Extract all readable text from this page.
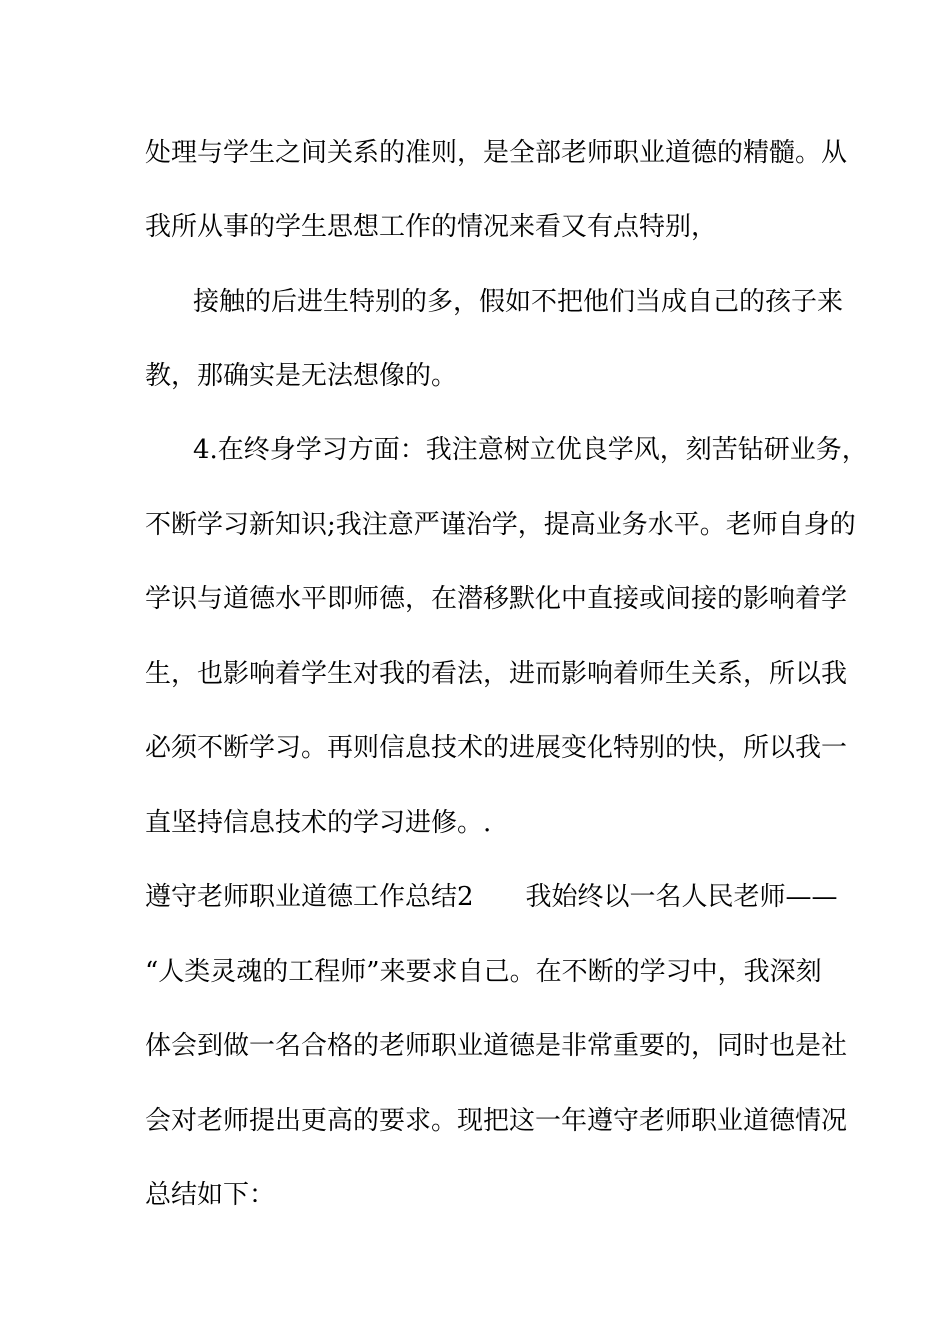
处理与学生之间关系的准则，是全部老师职业道德的精髓。从
我所从事的学生思想工作的情况来看又有点特别，
接触的后进生特别的多，假如不把他们当成自己的孩子来
教，那确实是无法想像的。
4.在终身学习方面：我注意树立优良学风，刻苦钻研业务，
不断学习新知识;我注意严谨治学，提高业务水平。老师自身的
学识与道德水平即师德，在潜移默化中直接或间接的影响着学
生，也影响着学生对我的看法，进而影响着师生关系，所以我
必须不断学习。再则信息技术的进展变化特别的快，所以我一
直坚持信息技术的学习进修。.
遵守老师职业道德工作总结2 我始终以一名人民老师——
“人类灵魂的工程师”来要求自己。在不断的学习中，我深刻
体会到做一名合格的老师职业道德是非常重要的，同时也是社
会对老师提出更高的要求。现把这一年遵守老师职业道德情况
总结如下：
